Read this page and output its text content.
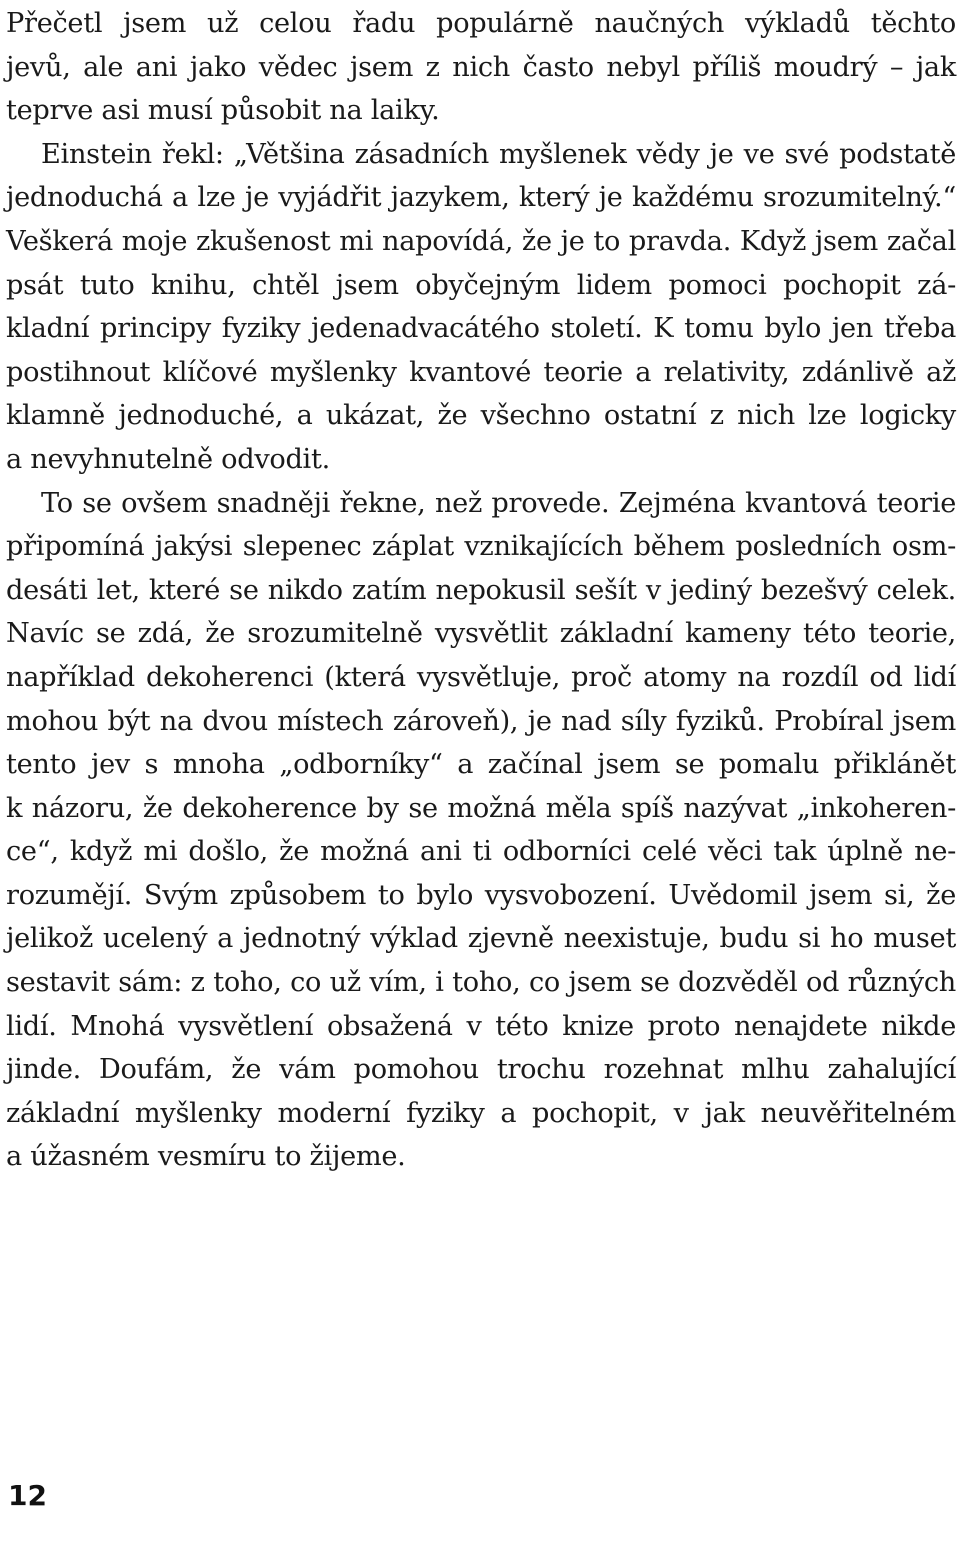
Přečetl jsem už celou řadu populárně naučných výkladů těchto
jevů, ale ani jako vědec jsem z nich často nebyl příliš moudrý – jak
teprve asi musí působit na laiky.
Einstein řekl: „Většina zásadních myšlenek vědy je ve své podstatě
jednoduchá a lze je vyjádřit jazykem, který je každému srozumitelný.“
Veškerá moje zkušenost mi napovídá, že je to pravda. Když jsem začal
psát tuto knihu, chtěl jsem obyčejným lidem pomoci pochopit zá-
kladní principy fyziky jedenadvacátého století. K tomu bylo jen třeba
postihnout klíčové myšlenky kvantové teorie a relativity, zdánlivě až
klamně jednoduché, a ukázat, že všechno ostatní z nich lze logicky
a nevyhnutelně odvodit.
To se ovšem snadněji řekne, než provede. Zejména kvantová teorie
připomíná jakýsi slepenec záplat vznikajících během posledních osm-
desáti let, které se nikdo zatím nepokusil sešít v jediný bezešvý celek.
Navíc se zdá, že srozumitelně vysvětlit základní kameny této teorie,
například dekoherenci (která vysvětluje, proč atomy na rozdíl od lidí
mohou být na dvou místech zároveň), je nad síly fyziků. Probíral jsem
tento jev s mnoha „odborníky“ a začínal jsem se pomalu přiklánět
k názoru, že dekoherence by se možná měla spíš nazývat „inkoheren-
ce“, když mi došlo, že možná ani ti odborníci celé věci tak úplně ne-
rozumějí. Svým způsobem to bylo vysvobození. Uvědomil jsem si, že
jelikož ucelený a jednotný výklad zjevně neexistuje, budu si ho muset
sestavit sám: z toho, co už vím, i toho, co jsem se dozvěděl od různých
lidí. Mnohá vysvětlení obsažená v této knize proto nenajdete nikde
jinde. Doufám, že vám pomohou trochu rozehnat mlhu zahalující
základní myšlenky moderní fyziky a pochopit, v jak neuvěřitelném
a úžasném vesmíru to žijeme.
12
